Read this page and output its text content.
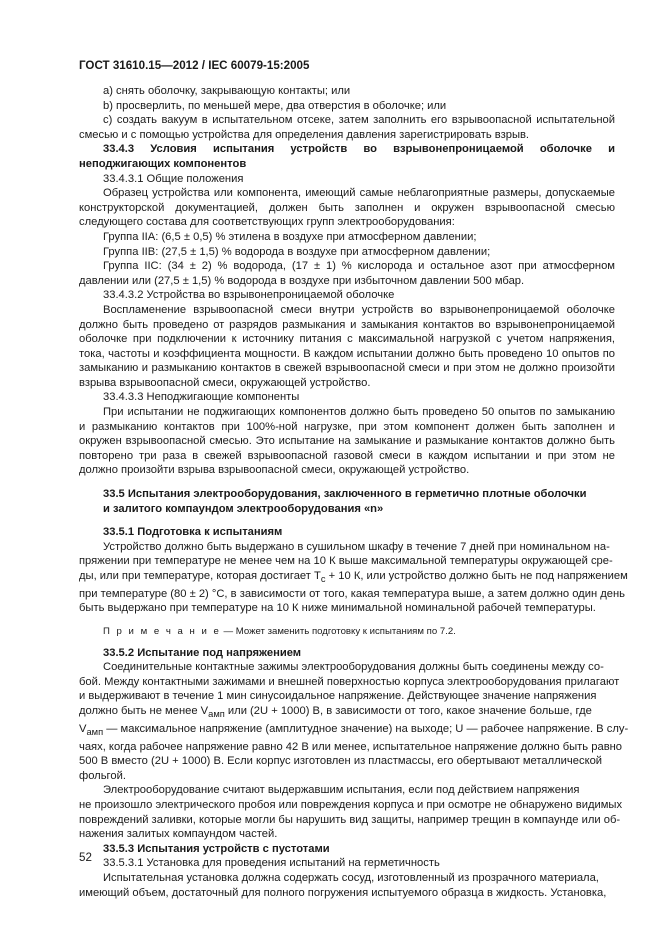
ГОСТ 31610.15—2012 / IEC 60079-15:2005
a) снять оболочку, закрывающую контакты; или
b) просверлить, по меньшей мере, два отверстия в оболочке; или
c) создать вакуум в испытательном отсеке, затем заполнить его взрывоопасной испытательной смесью и с помощью устройства для определения давления зарегистрировать взрыв.
33.4.3 Условия испытания устройств во взрывонепроницаемой оболочке и неподжигающих компонентов
33.4.3.1 Общие положения
Образец устройства или компонента, имеющий самые неблагоприятные размеры, допускаемые конструкторской документацией, должен быть заполнен и окружен взрывоопасной смесью следующего состава для соответствующих групп электрооборудования:
Группа IIA: (6,5 ± 0,5) % этилена в воздухе при атмосферном давлении;
Группа IIB: (27,5 ± 1,5) % водорода в воздухе при атмосферном давлении;
Группа IIC: (34 ± 2) % водорода, (17 ± 1) % кислорода и остальное азот при атмосферном давлении или (27,5 ± 1,5) % водорода в воздухе при избыточном давлении 500 мбар.
33.4.3.2 Устройства во взрывонепроницаемой оболочке
Воспламенение взрывоопасной смеси внутри устройств во взрывонепроницаемой оболочке должно быть проведено от разрядов размыкания и замыкания контактов во взрывонепроницаемой оболочке при подключении к источнику питания с максимальной нагрузкой с учетом напряжения, тока, частоты и коэффициента мощности. В каждом испытании должно быть проведено 10 опытов по замыканию и размыканию контактов в свежей взрывоопасной смеси и при этом не должно произойти взрыва взрывоопасной смеси, окружающей устройство.
33.4.3.3 Неподжигающие компоненты
При испытании не поджигающих компонентов должно быть проведено 50 опытов по замыканию и размыканию контактов при 100%-ной нагрузке, при этом компонент должен быть заполнен и окружен взрывоопасной смесью. Это испытание на замыкание и размыкание контактов должно быть повторено три раза в свежей взрывоопасной газовой смеси в каждом испытании и при этом не должно произойти взрыва взрывоопасной смеси, окружающей устройство.
33.5 Испытания электрооборудования, заключенного в герметично плотные оболочки
и залитого компаундом электрооборудования «n»
33.5.1 Подготовка к испытаниям
Устройство должно быть выдержано в сушильном шкафу в течение 7 дней при номинальном на-
пряжении при температуре не менее чем на 10 К выше максимальной температуры окружающей сре-
ды, или при температуре, которая достигает $T_c + 10$ К, или устройство должно быть не под напряжением
при температуре (80 ± 2) °С, в зависимости от того, какая температура выше, а затем должно один день
быть выдержано при температуре на 10 К ниже минимальной номинальной рабочей температуры.
П р и м е ч а н и е — Может заменить подготовку к испытаниям по 7.2.
33.5.2 Испытание под напряжением
Соединительные контактные зажимы электрооборудования должны быть соединены между со-
бой. Между контактными зажимами и внешней поверхностью корпуса электрооборудования прилагают
и выдерживают в течение 1 мин синусоидальное напряжение. Действующее значение напряжения
должно быть не менее $V_{амп}$ или (2U + 1000) В, в зависимости от того, какое значение больше, где
$V_{амп}$ — максимальное напряжение (амплитудное значение) на выходе; U — рабочее напряжение. В слу-
чаях, когда рабочее напряжение равно 42 В или менее, испытательное напряжение должно быть равно
500 В вместо (2U + 1000) В. Если корпус изготовлен из пластмассы, его обертывают металлической
фольгой.
Электрооборудование считают выдержавшим испытания, если под действием напряжения
не произошло электрического пробоя или повреждения корпуса и при осмотре не обнаружено видимых
повреждений заливки, которые могли бы нарушить вид защиты, например трещин в компаунде или об-
нажения залитых компаундом частей.
33.5.3 Испытания устройств с пустотами
33.5.3.1 Установка для проведения испытаний на герметичность
Испытательная установка должна содержать сосуд, изготовленный из прозрачного материала,
имеющий объем, достаточный для полного погружения испытуемого образца в жидкость. Установка,
52
